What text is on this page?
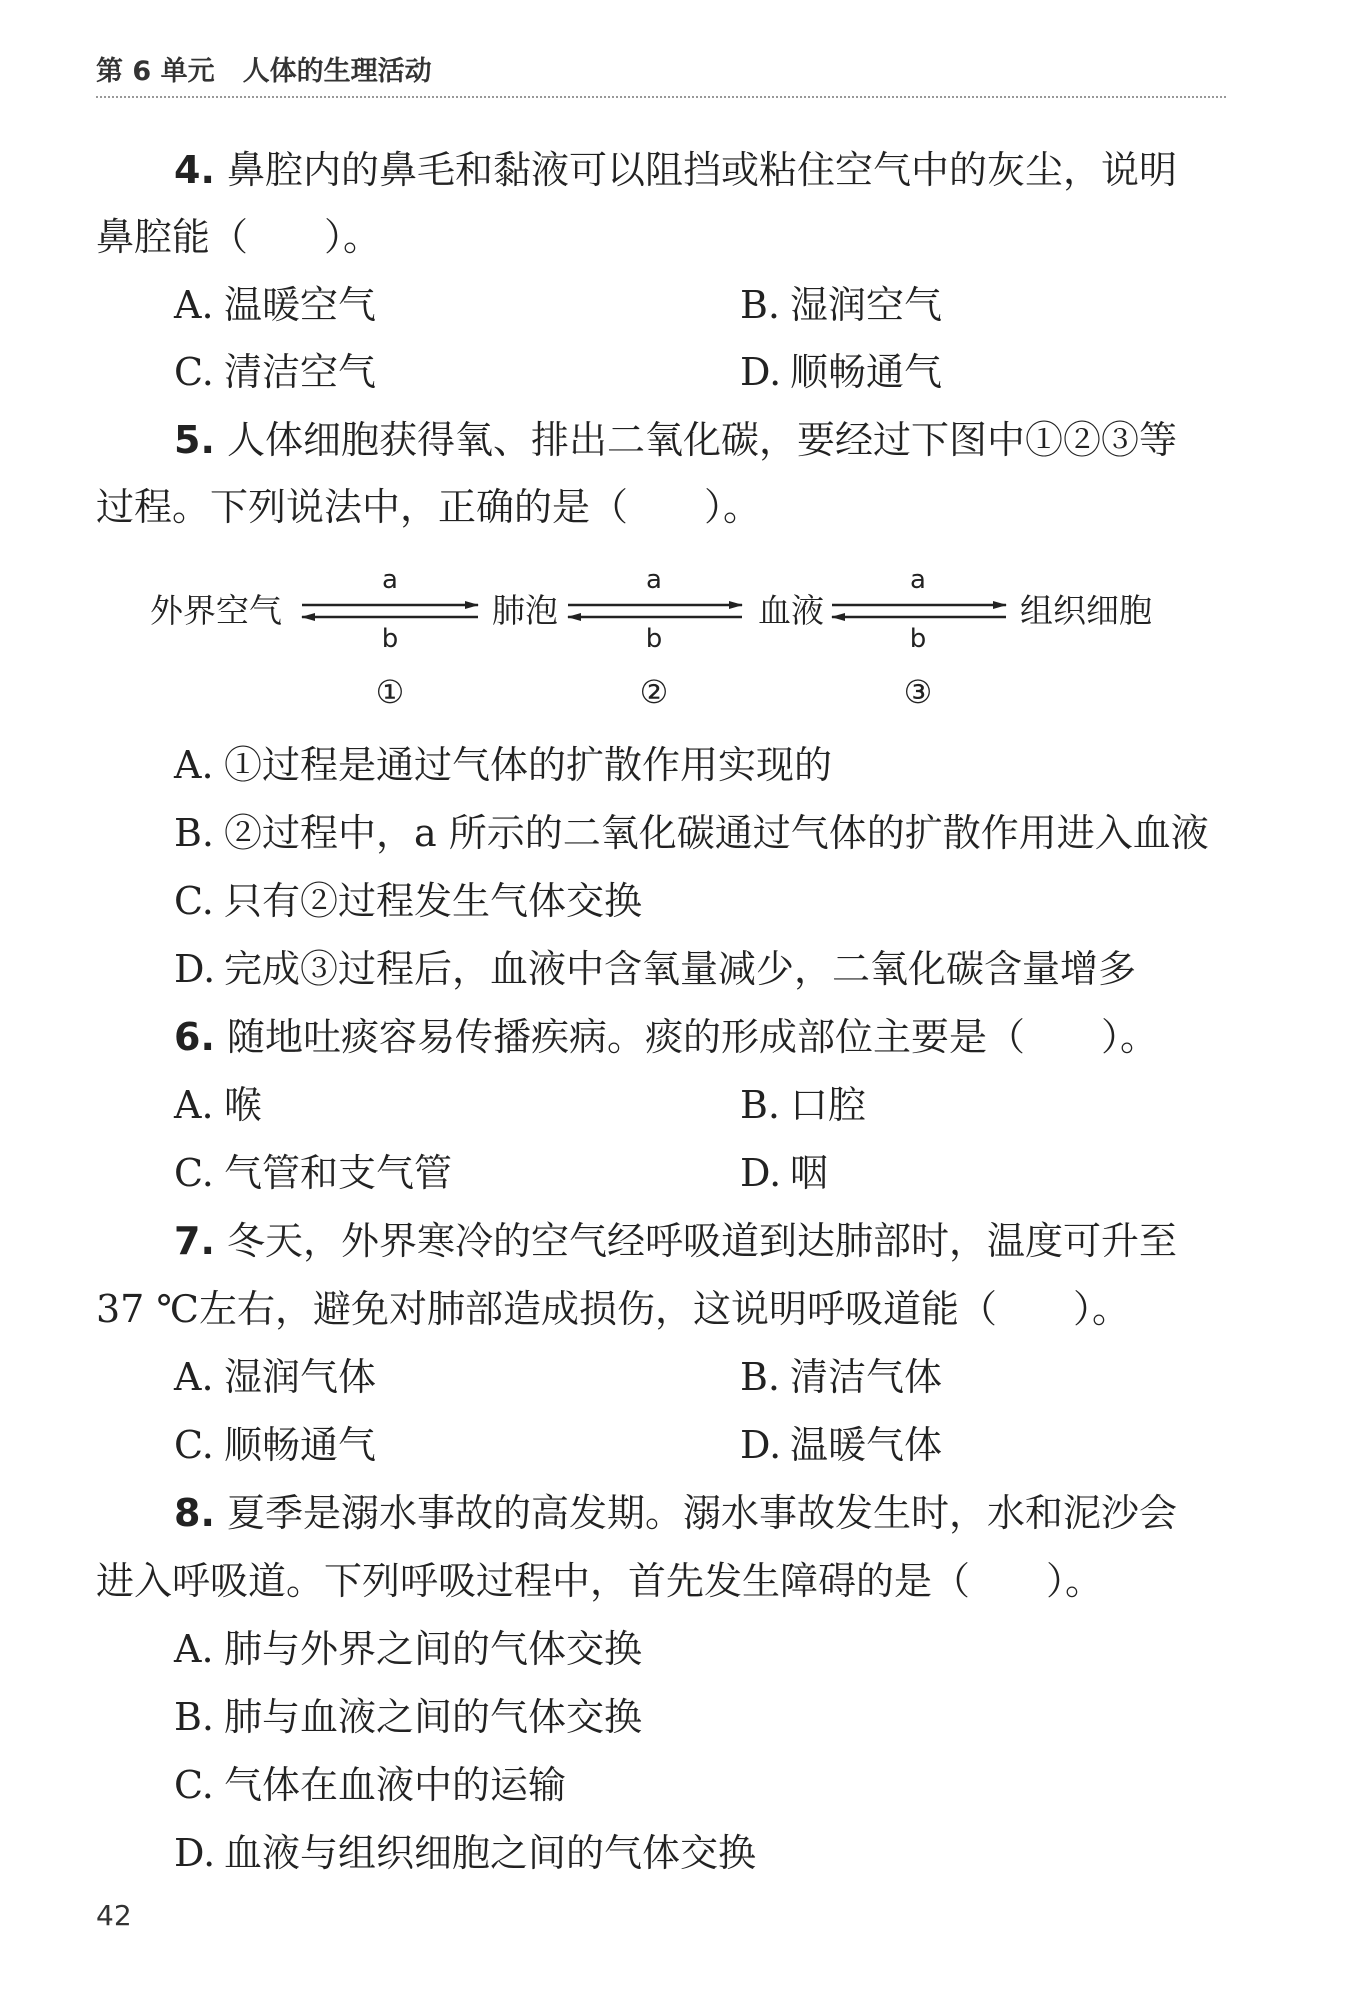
第 6 单元 人体的生理活动
4. 鼻腔内的鼻毛和黏液可以阻挡或粘住空气中的灰尘，说明
鼻腔能（　　）。
A. 温暖空气	B. 湿润空气
C. 清洁空气	D. 顺畅通气
5. 人体细胞获得氧、排出二氧化碳，要经过下图中①②③等
过程。下列说法中，正确的是（　　）。
外界空气	肺泡	血液	组织细胞
a	a	a
b	b	b
①	②	③
A. ①过程是通过气体的扩散作用实现的
B. ②过程中，a 所示的二氧化碳通过气体的扩散作用进入血液
C. 只有②过程发生气体交换
D. 完成③过程后，血液中含氧量减少，二氧化碳含量增多
6. 随地吐痰容易传播疾病。痰的形成部位主要是（　　）。
A. 喉	B. 口腔
C. 气管和支气管	D. 咽
7. 冬天，外界寒冷的空气经呼吸道到达肺部时，温度可升至
37 ℃左右，避免对肺部造成损伤，这说明呼吸道能（　　）。
A. 湿润气体	B. 清洁气体
C. 顺畅通气	D. 温暖气体
8. 夏季是溺水事故的高发期。溺水事故发生时，水和泥沙会
进入呼吸道。下列呼吸过程中，首先发生障碍的是（　　）。
A. 肺与外界之间的气体交换
B. 肺与血液之间的气体交换
C. 气体在血液中的运输
D. 血液与组织细胞之间的气体交换
42
